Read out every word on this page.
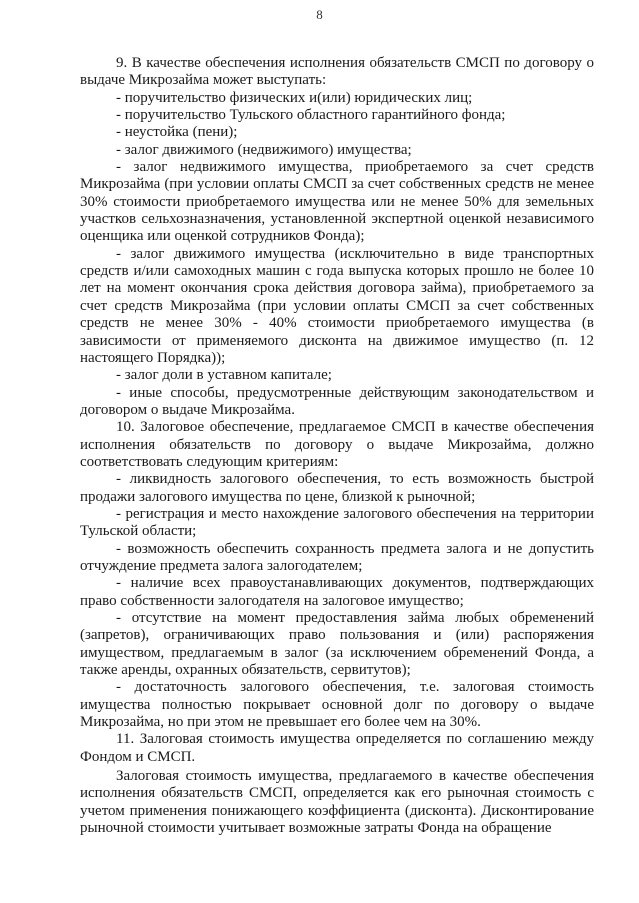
8

9. В качестве обеспечения исполнения обязательств СМСП по договору о выдаче Микрозайма может выступать:

- поручительство физических и(или) юридических лиц;

- поручительство Тульского областного гарантийного фонда;

- неустойка (пени);

- залог движимого (недвижимого) имущества;

- залог недвижимого имущества, приобретаемого за счет средств Микрозайма (при условии оплаты СМСП за счет собственных средств не менее 30% стоимости приобретаемого имущества или не менее 50% для земельных участков сельхозназначения, установленной экспертной оценкой независимого оценщика или оценкой сотрудников Фонда);

- залог движимого имущества (исключительно в виде транспортных средств и/или самоходных машин с года выпуска которых прошло не более 10 лет на момент окончания срока действия договора займа), приобретаемого за счет средств Микрозайма (при условии оплаты СМСП за счет собственных средств не менее 30% - 40% стоимости приобретаемого имущества (в зависимости от применяемого дисконта на движимое имущество (п. 12 настоящего Порядка));

- залог доли в уставном капитале;

- иные способы, предусмотренные действующим законодательством и договором о выдаче Микрозайма.

10. Залоговое обеспечение, предлагаемое СМСП в качестве обеспечения исполнения обязательств по договору о выдаче Микрозайма, должно соответствовать следующим критериям:

- ликвидность залогового обеспечения, то есть возможность быстрой продажи залогового имущества по цене, близкой к рыночной;

- регистрация и место нахождение залогового обеспечения на территории Тульской области;

- возможность обеспечить сохранность предмета залога и не допустить отчуждение предмета залога залогодателем;

- наличие всех правоустанавливающих документов, подтверждающих право собственности залогодателя на залоговое имущество;

- отсутствие на момент предоставления займа любых обременений (запретов), ограничивающих право пользования и (или) распоряжения имуществом, предлагаемым в залог (за исключением обременений Фонда, а также аренды, охранных обязательств, сервитутов);

- достаточность залогового обеспечения, т.е. залоговая стоимость имущества полностью покрывает основной долг по договору о выдаче Микрозайма, но при этом не превышает его более чем на 30%.

11. Залоговая стоимость имущества определяется по соглашению между Фондом и СМСП.

Залоговая стоимость имущества, предлагаемого в качестве обеспечения исполнения обязательств СМСП, определяется как его рыночная стоимость с учетом применения понижающего коэффициента (дисконта). Дисконтирование рыночной стоимости учитывает возможные затраты Фонда на обращение
